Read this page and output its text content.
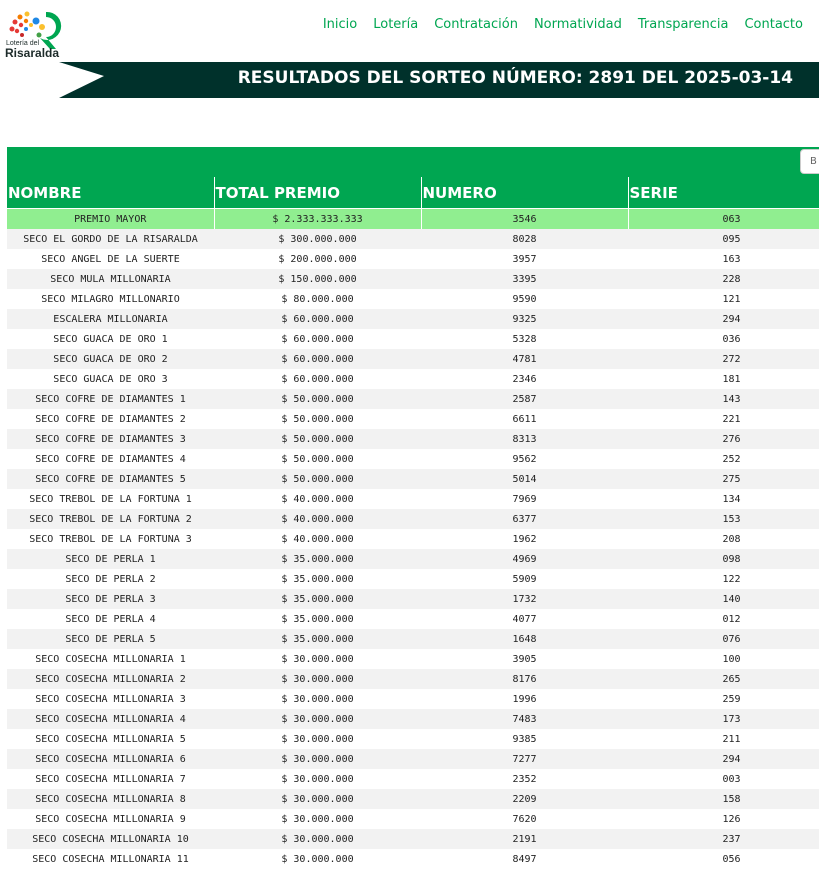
Lotería del
Risaralda
Inicio Lotería Contratación Normatividad Transparencia Contacto
RESULTADOS DEL SORTEO NÚMERO: 2891 DEL 2025-03-14
B
NOMBRE	TOTAL PREMIO	NUMERO	SERIE
PREMIO MAYOR	$ 2.333.333.333	3546	063
SECO EL GORDO DE LA RISARALDA	$ 300.000.000	8028	095
SECO ANGEL DE LA SUERTE	$ 200.000.000	3957	163
SECO MULA MILLONARIA	$ 150.000.000	3395	228
SECO MILAGRO MILLONARIO	$ 80.000.000	9590	121
ESCALERA MILLONARIA	$ 60.000.000	9325	294
SECO GUACA DE ORO 1	$ 60.000.000	5328	036
SECO GUACA DE ORO 2	$ 60.000.000	4781	272
SECO GUACA DE ORO 3	$ 60.000.000	2346	181
SECO COFRE DE DIAMANTES 1	$ 50.000.000	2587	143
SECO COFRE DE DIAMANTES 2	$ 50.000.000	6611	221
SECO COFRE DE DIAMANTES 3	$ 50.000.000	8313	276
SECO COFRE DE DIAMANTES 4	$ 50.000.000	9562	252
SECO COFRE DE DIAMANTES 5	$ 50.000.000	5014	275
SECO TREBOL DE LA FORTUNA 1	$ 40.000.000	7969	134
SECO TREBOL DE LA FORTUNA 2	$ 40.000.000	6377	153
SECO TREBOL DE LA FORTUNA 3	$ 40.000.000	1962	208
SECO DE PERLA 1	$ 35.000.000	4969	098
SECO DE PERLA 2	$ 35.000.000	5909	122
SECO DE PERLA 3	$ 35.000.000	1732	140
SECO DE PERLA 4	$ 35.000.000	4077	012
SECO DE PERLA 5	$ 35.000.000	1648	076
SECO COSECHA MILLONARIA 1	$ 30.000.000	3905	100
SECO COSECHA MILLONARIA 2	$ 30.000.000	8176	265
SECO COSECHA MILLONARIA 3	$ 30.000.000	1996	259
SECO COSECHA MILLONARIA 4	$ 30.000.000	7483	173
SECO COSECHA MILLONARIA 5	$ 30.000.000	9385	211
SECO COSECHA MILLONARIA 6	$ 30.000.000	7277	294
SECO COSECHA MILLONARIA 7	$ 30.000.000	2352	003
SECO COSECHA MILLONARIA 8	$ 30.000.000	2209	158
SECO COSECHA MILLONARIA 9	$ 30.000.000	7620	126
SECO COSECHA MILLONARIA 10	$ 30.000.000	2191	237
SECO COSECHA MILLONARIA 11	$ 30.000.000	8497	056
